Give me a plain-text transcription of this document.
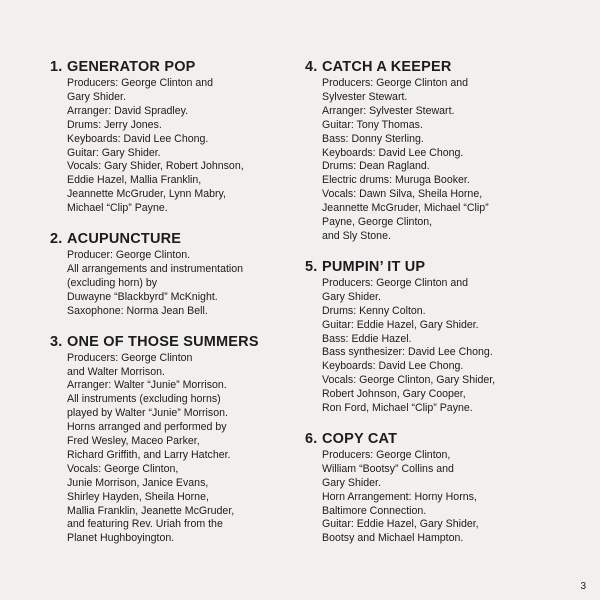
1. GENERATOR POP
Producers: George Clinton and
Gary Shider.
Arranger: David Spradley.
Drums: Jerry Jones.
Keyboards: David Lee Chong.
Guitar: Gary Shider.
Vocals: Gary Shider, Robert Johnson,
Eddie Hazel, Mallia Franklin,
Jeannette McGruder, Lynn Mabry,
Michael “Clip” Payne.
2. ACUPUNCTURE
Producer: George Clinton.
All arrangements and instrumentation
(excluding horn) by
Duwayne “Blackbyrd” McKnight.
Saxophone: Norma Jean Bell.
3. ONE OF THOSE SUMMERS
Producers: George Clinton
and Walter Morrison.
Arranger: Walter “Junie” Morrison.
All instruments (excluding horns)
played by Walter “Junie” Morrison.
Horns arranged and performed by
Fred Wesley, Maceo Parker,
Richard Griffith, and Larry Hatcher.
Vocals: George Clinton,
Junie Morrison, Janice Evans,
Shirley Hayden, Sheila Horne,
Mallia Franklin, Jeanette McGruder,
and featuring Rev. Uriah from the
Planet Hughboyington.
4. CATCH A KEEPER
Producers: George Clinton and
Sylvester Stewart.
Arranger: Sylvester Stewart.
Guitar: Tony Thomas.
Bass: Donny Sterling.
Keyboards: David Lee Chong.
Drums: Dean Ragland.
Electric drums: Muruga Booker.
Vocals: Dawn Silva, Sheila Horne,
Jeannette McGruder, Michael “Clip”
Payne, George Clinton,
and Sly Stone.
5. PUMPIN’ IT UP
Producers: George Clinton and
Gary Shider.
Drums: Kenny Colton.
Guitar: Eddie Hazel, Gary Shider.
Bass: Eddie Hazel.
Bass synthesizer: David Lee Chong.
Keyboards: David Lee Chong.
Vocals: George Clinton, Gary Shider,
Robert Johnson, Gary Cooper,
Ron Ford, Michael “Clip” Payne.
6. COPY CAT
Producers: George Clinton,
William “Bootsy” Collins and
Gary Shider.
Horn Arrangement: Horny Horns,
Baltimore Connection.
Guitar: Eddie Hazel, Gary Shider,
Bootsy and Michael Hampton.
3
